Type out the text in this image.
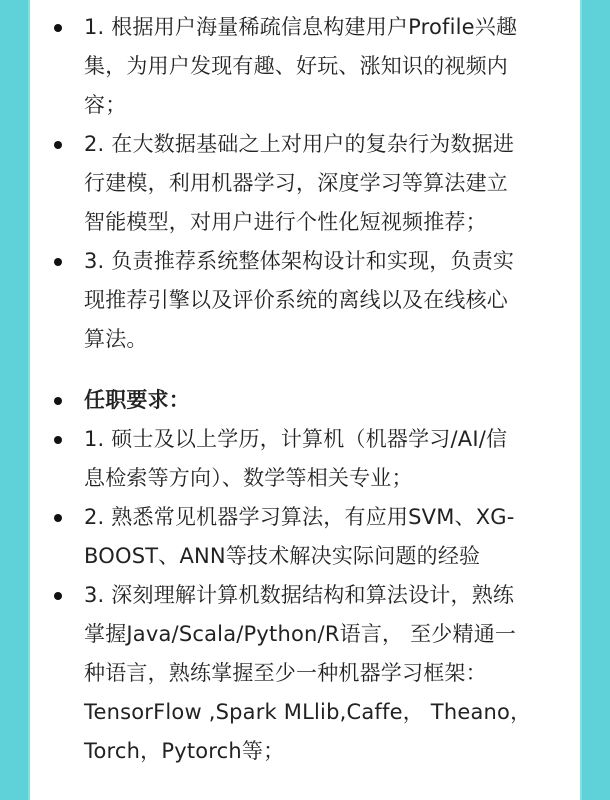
1. 根据用户海量稀疏信息构建用户Profile兴趣
集，为用户发现有趣、好玩、涨知识的视频内
容；
2. 在大数据基础之上对用户的复杂行为数据进
行建模，利用机器学习，深度学习等算法建立
智能模型，对用户进行个性化短视频推荐；
3. 负责推荐系统整体架构设计和实现，负责实
现推荐引擎以及评价系统的离线以及在线核心
算法。
任职要求：
1. 硕士及以上学历，计算机（机器学习/AI/信
息检索等方向）、数学等相关专业；
2. 熟悉常见机器学习算法，有应用SVM、XG-
BOOST、ANN等技术解决实际问题的经验
3. 深刻理解计算机数据结构和算法设计，熟练
掌握Java/Scala/Python/R语言， 至少精通一
种语言，熟练掌握至少一种机器学习框架：
TensorFlow ,Spark MLlib,Caffe， Theano，
Torch，Pytorch等；
